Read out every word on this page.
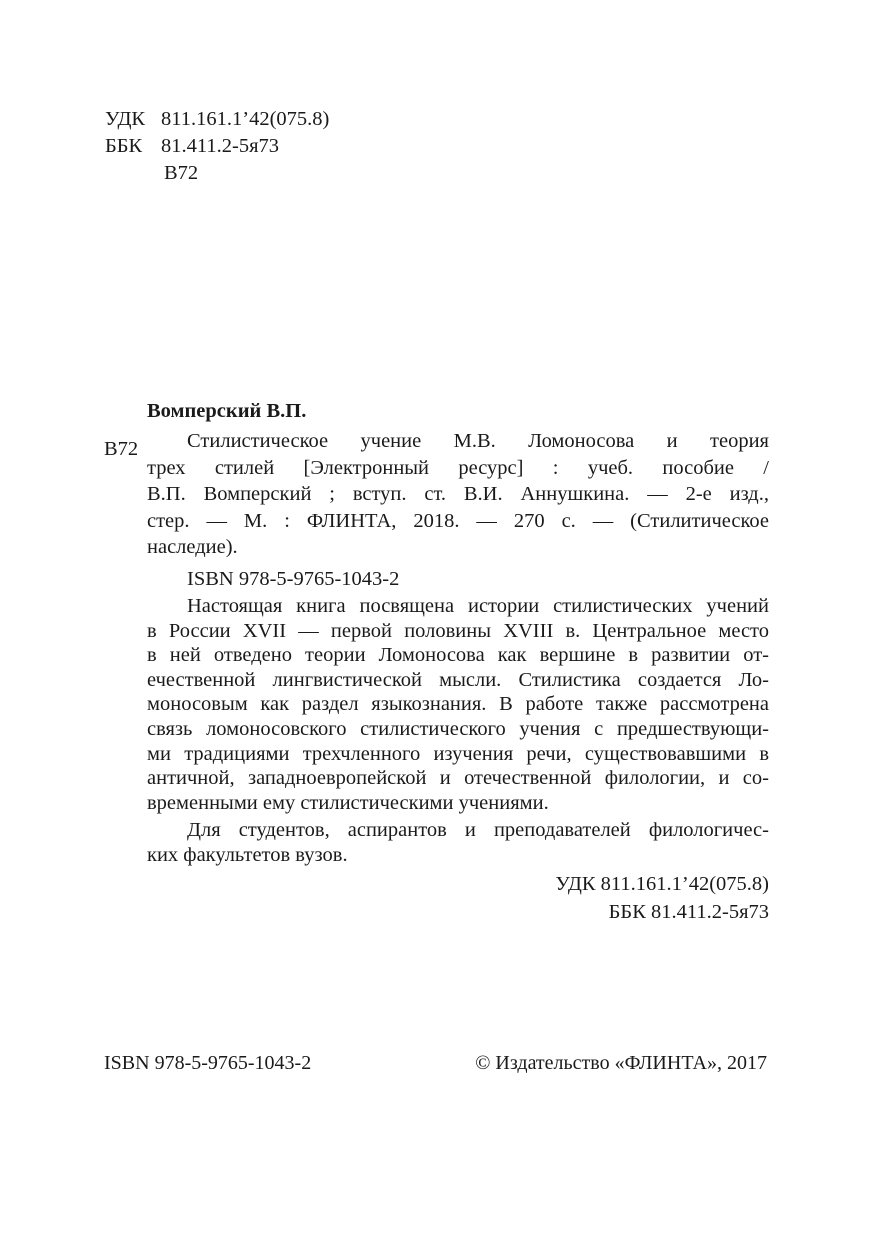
УДК 811.161.1’42(075.8)
ББК 81.411.2-5я73
В72
Вомперский В.П.
В72	Стилистическое учение М.В. Ломоносова и теория
трех стилей [Электронный ресурс] : учеб. пособие /
В.П. Вомперский ; вступ. ст. В.И. Аннушкина. — 2-е изд.,
стер. — М. : ФЛИНТА, 2018. — 270 с. — (Стилитическое
наследие).
ISBN 978-5-9765-1043-2
Настоящая книга посвящена истории стилистических учений
в России XVII — первой половины XVIII в. Центральное место
в ней отведено теории Ломоносова как вершине в развитии от-
ечественной лингвистической мысли. Стилистика создается Ло-
моносовым как раздел языкознания. В работе также рассмотрена
связь ломоносовского стилистического учения с предшествующи-
ми традициями трехчленного изучения речи, существовавшими в
античной, западноевропейской и отечественной филологии, и со-
временными ему стилистическими учениями.
Для студентов, аспирантов и преподавателей филологичес-
ких факультетов вузов.
УДК 811.161.1’42(075.8)
ББК 81.411.2-5я73
ISBN 978-5-9765-1043-2	© Издательство «ФЛИНТА», 2017
